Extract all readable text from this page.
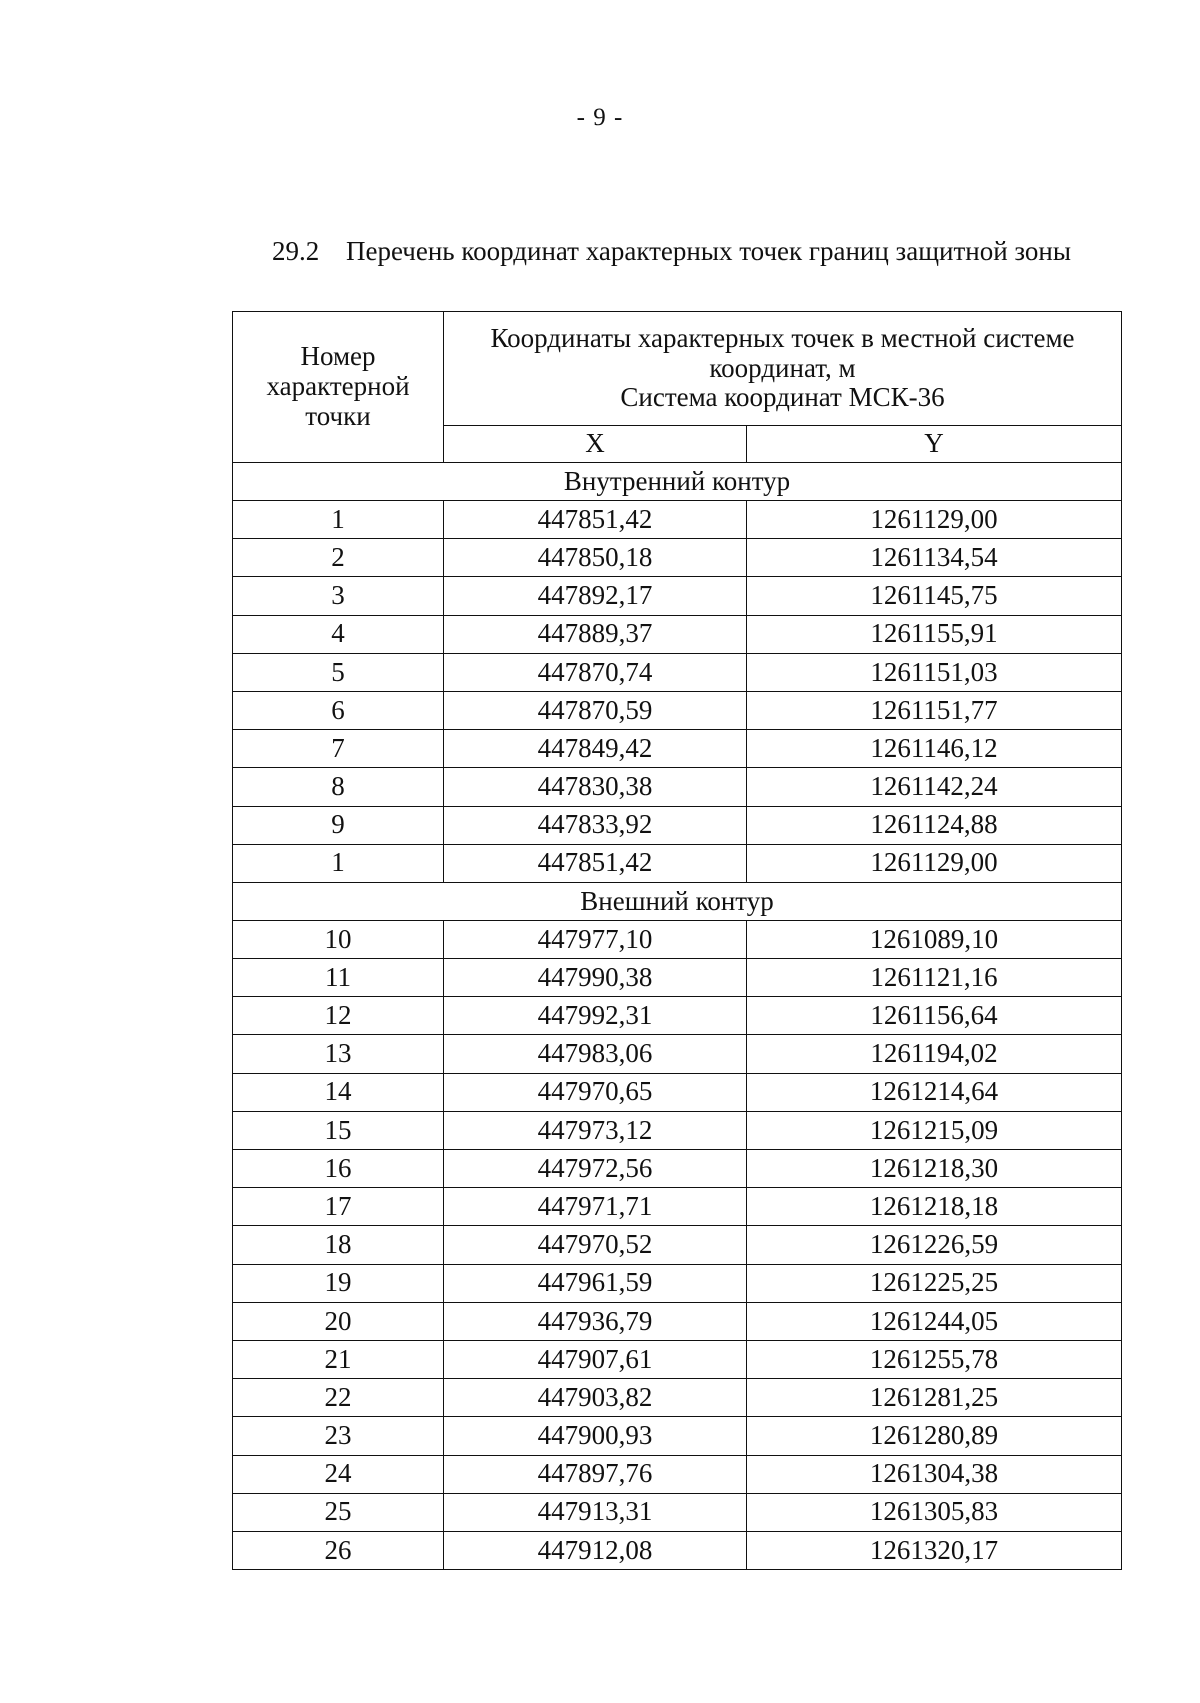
- 9 -
29.2 Перечень координат характерных точек границ защитной зоны
Номер
характерной
точки	Координаты характерных точек в местной системе
координат, м
Система координат МСК-36	

	X	Y
Внутренний контур		
1	447851,42	1261129,00
2	447850,18	1261134,54
3	447892,17	1261145,75
4	447889,37	1261155,91
5	447870,74	1261151,03
6	447870,59	1261151,77
7	447849,42	1261146,12
8	447830,38	1261142,24
9	447833,92	1261124,88
1	447851,42	1261129,00
Внешний контур		
10	447977,10	1261089,10
11	447990,38	1261121,16
12	447992,31	1261156,64
13	447983,06	1261194,02
14	447970,65	1261214,64
15	447973,12	1261215,09
16	447972,56	1261218,30
17	447971,71	1261218,18
18	447970,52	1261226,59
19	447961,59	1261225,25
20	447936,79	1261244,05
21	447907,61	1261255,78
22	447903,82	1261281,25
23	447900,93	1261280,89
24	447897,76	1261304,38
25	447913,31	1261305,83
26	447912,08	1261320,17
